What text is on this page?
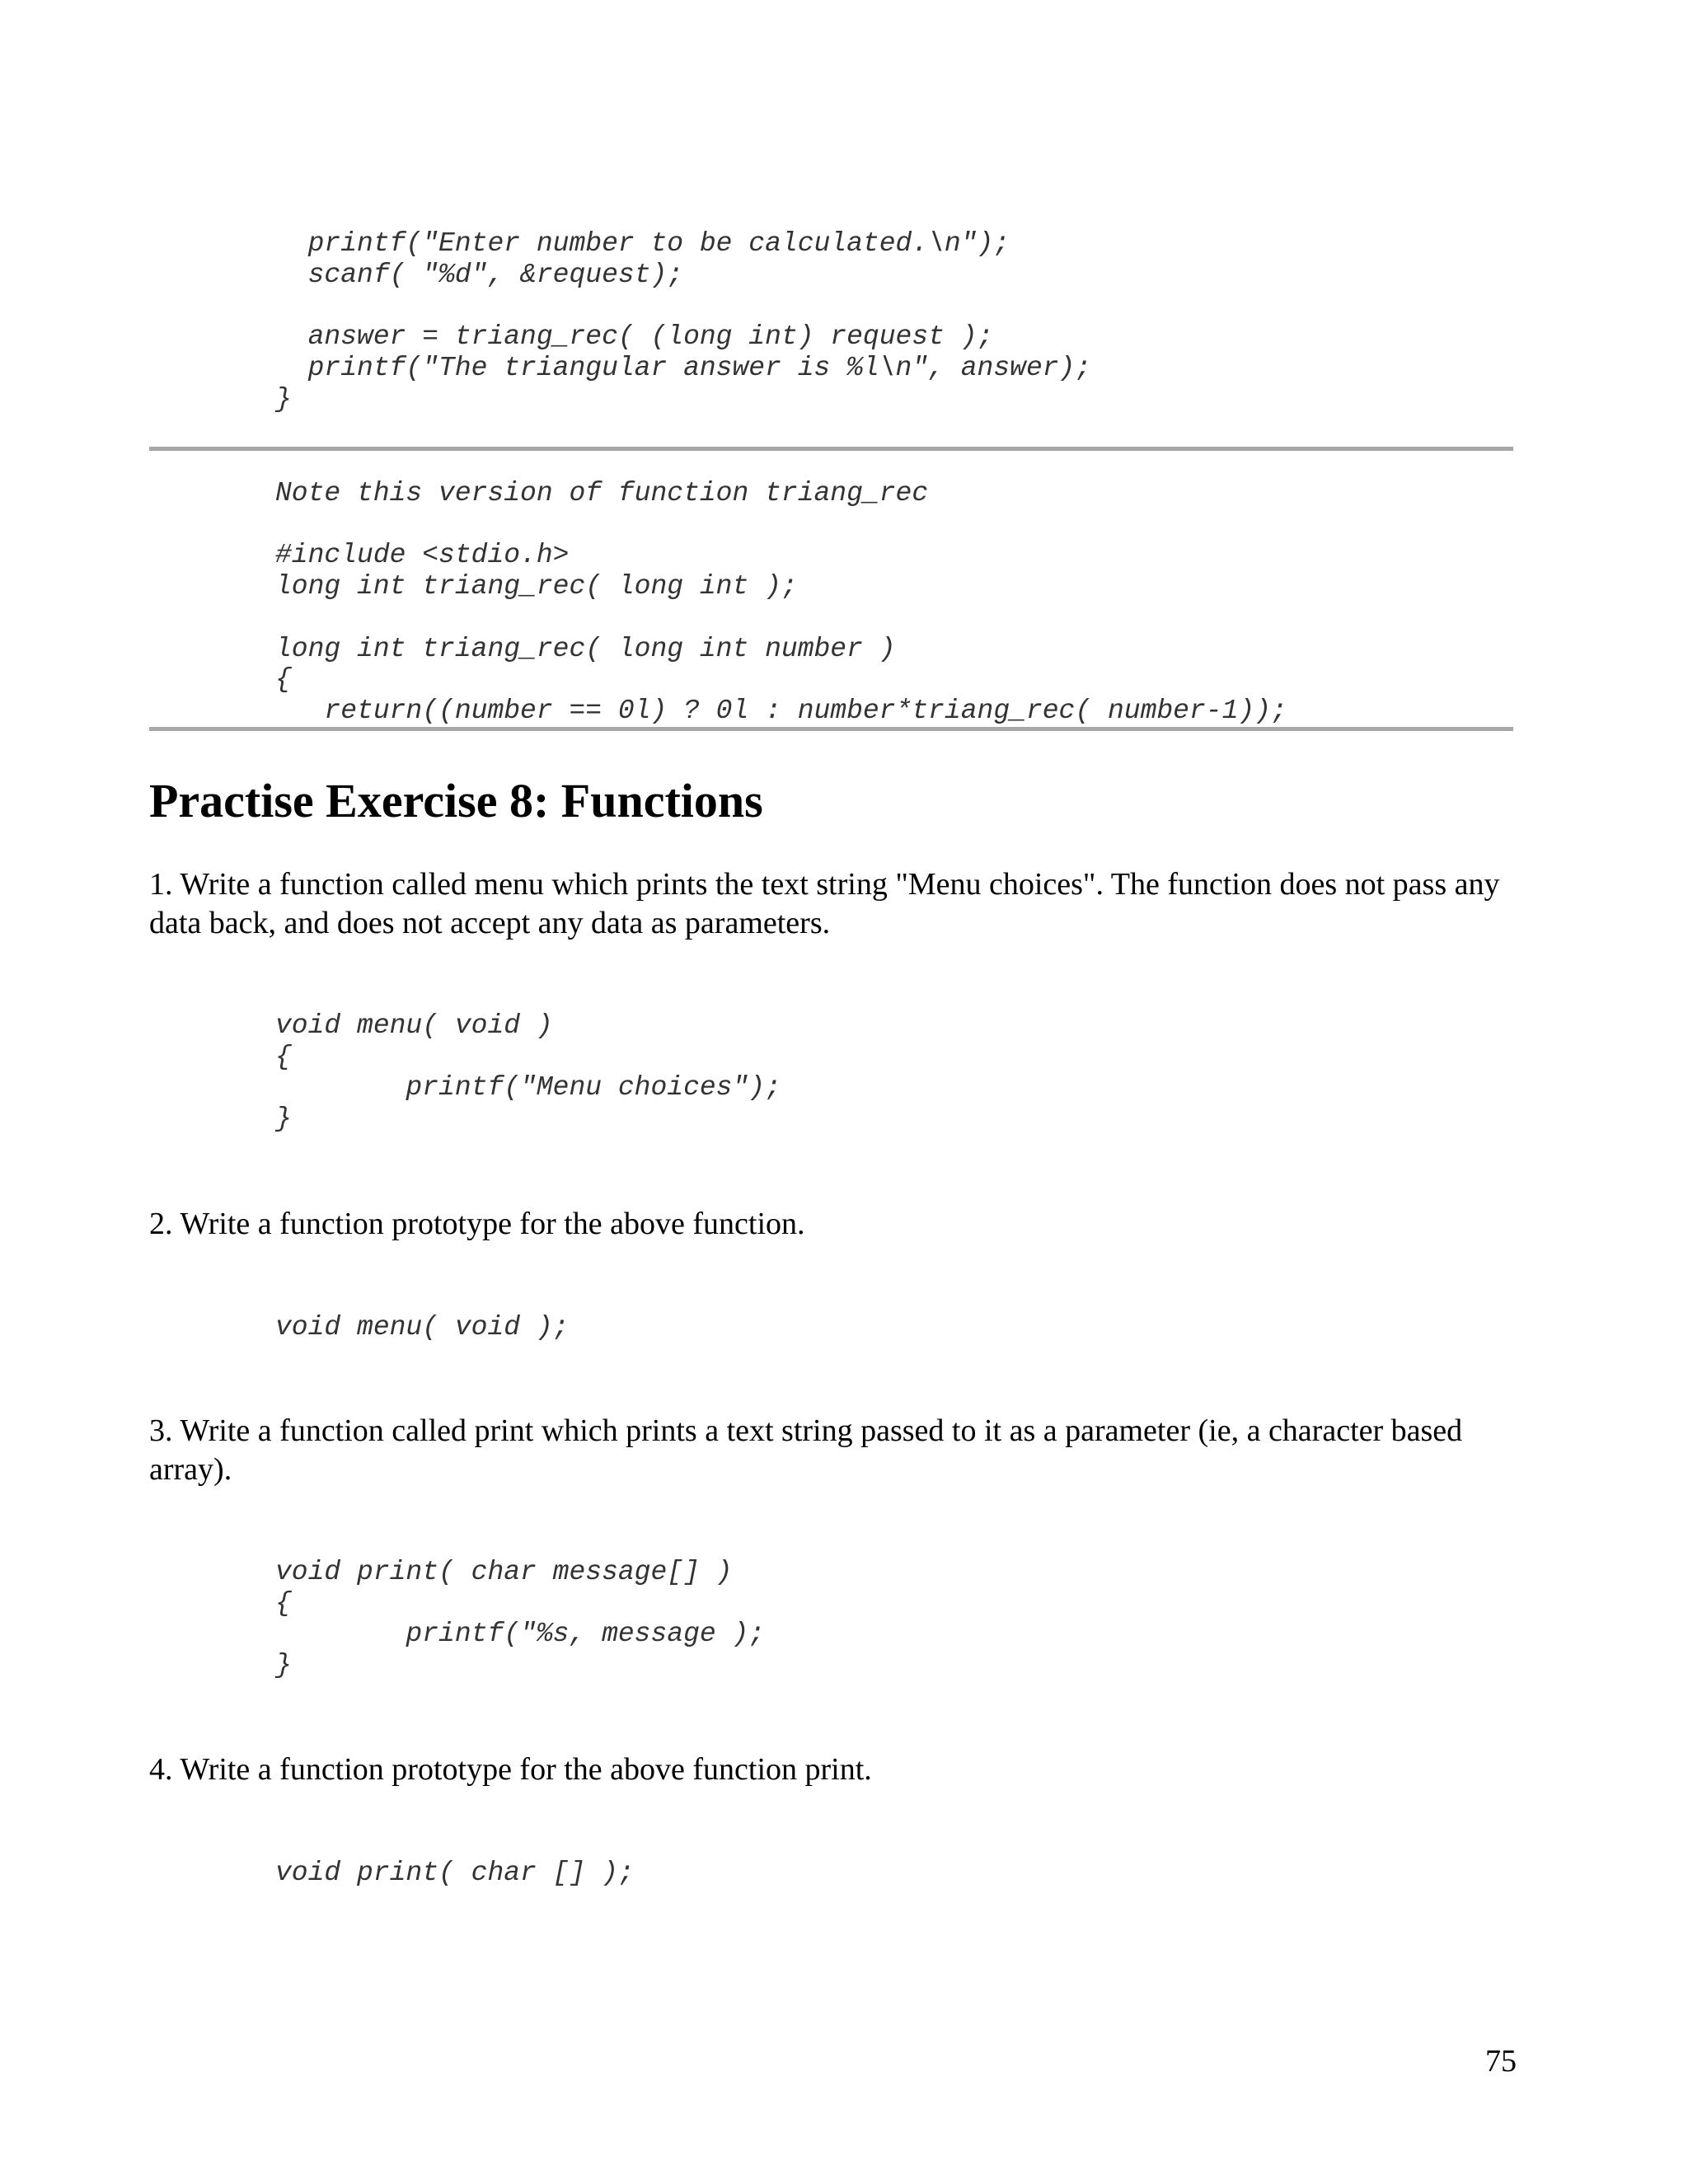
printf("Enter number to be calculated.\n");
scanf( "%d", &request);

answer = triang_rec( (long int) request );
printf("The triangular answer is %l\n", answer);
}
Note this version of function triang_rec

#include <stdio.h>
long int triang_rec( long int );

long int triang_rec( long int number )
{
return((number == 0l) ? 0l : number*triang_rec( number-1));
Practise Exercise 8: Functions

1. Write a function called menu which prints the text string "Menu choices". The function does not pass any data back, and does not accept any data as parameters.

void menu( void )
{
printf("Menu choices");
}

2. Write a function prototype for the above function.

void menu( void );

3. Write a function called print which prints a text string passed to it as a parameter (ie, a character based array).

void print( char message[] )
{
printf("%s, message );
}

4. Write a function prototype for the above function print.

void print( char [] );
75
